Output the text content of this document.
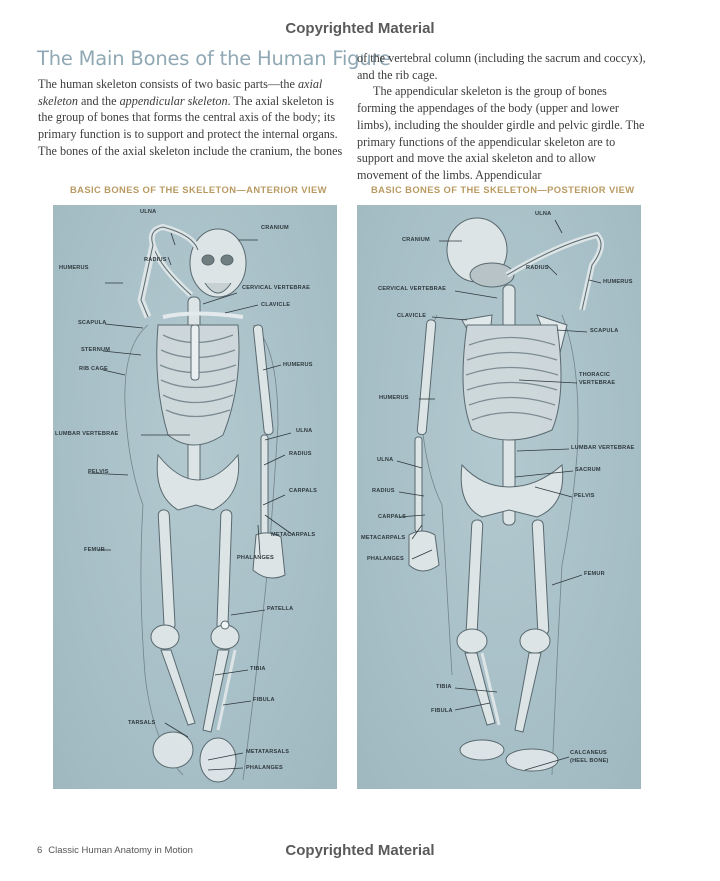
Copyrighted Material
The Main Bones of the Human Figure

The human skeleton consists of two basic parts—the axial skeleton and the appendicular skeleton. The axial skeleton is the group of bones that forms the central axis of the body; its primary function is to support and protect the internal organs. The bones of the axial skeleton include the cranium, the bones

of the vertebral column (including the sacrum and coccyx), and the rib cage.

The appendicular skeleton is the group of bones forming the appendages of the body (upper and lower limbs), including the shoulder girdle and pelvic girdle. The primary functions of the appendicular skeleton are to support and move the axial skeleton and to allow movement of the limbs. Appendicular

BASIC BONES OF THE SKELETON—ANTERIOR VIEW	BASIC BONES OF THE SKELETON—POSTERIOR VIEW
ULNA
CRANIUM
RADIUS
HUMERUS
CERVICAL VERTEBRAE
CLAVICLE
SCAPULA
STERNUM
RIB CAGE
HUMERUS
LUMBAR VERTEBRAE	ULNA
RADIUS
PELVIS
CARPALS
METACARPALS
FEMUR
PHALANGES
PATELLA
TIBIA
FIBULA
TARSALS
METATARSALS
PHALANGES
ULNA
CRANIUM
RADIUS
HUMERUS
CERVICAL VERTEBRAE
CLAVICLE
SCAPULA
THORACIC
VERTEBRAE
HUMERUS
LUMBAR VERTEBRAE
ULNA
SACRUM
RADIUS
PELVIS
CARPALS
METACARPALS
PHALANGES
FEMUR
TIBIA
FIBULA
CALCANEUS
(HEEL BONE)
6 Classic Human Anatomy in Motion	Copyrighted Material
